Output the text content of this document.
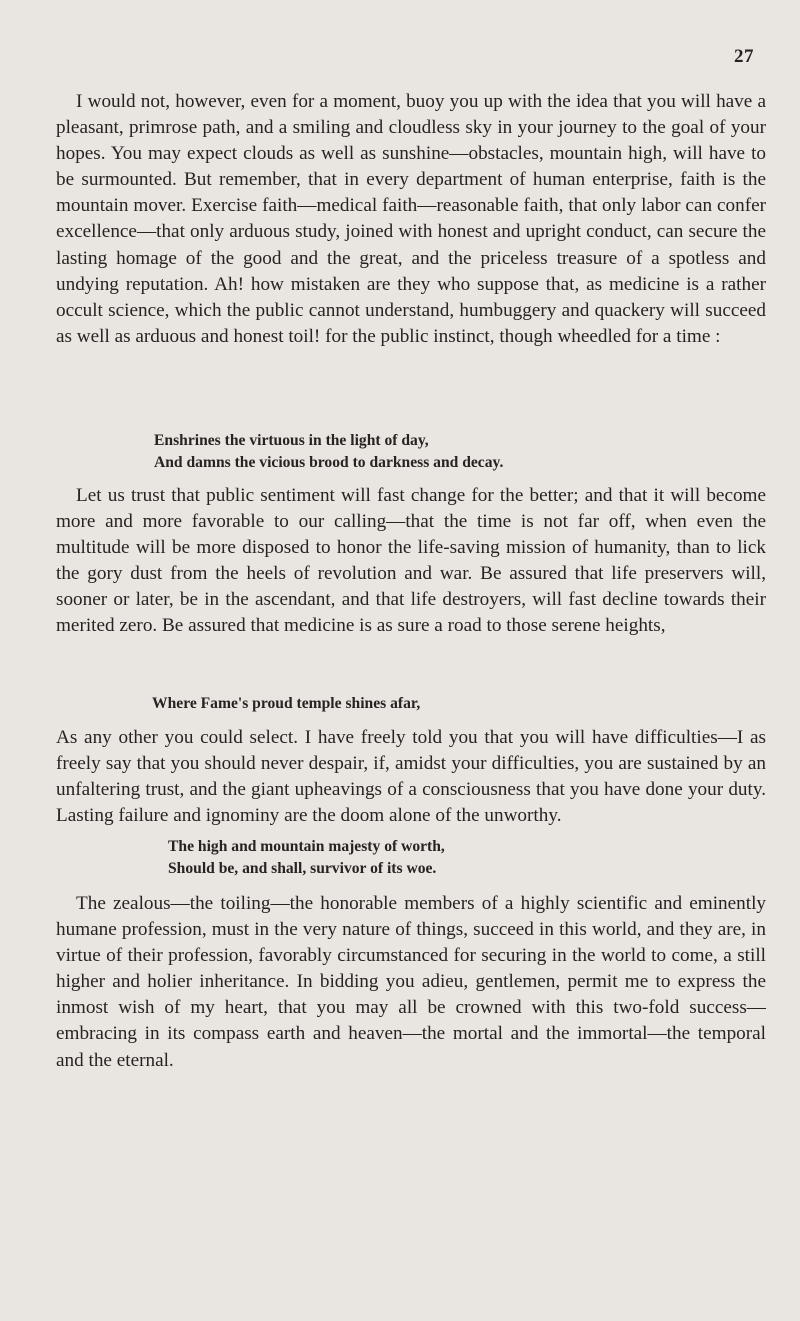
27

I would not, however, even for a moment, buoy you up with the idea that you will have a pleasant, primrose path, and a smiling and cloudless sky in your journey to the goal of your hopes. You may expect clouds as well as sunshine—obstacles, mountain high, will have to be surmounted. But remember, that in every department of human enterprise, faith is the mountain mover. Exercise faith—medical faith—reasonable faith, that only labor can confer excellence—that only arduous study, joined with honest and upright conduct, can secure the lasting homage of the good and the great, and the priceless treasure of a spotless and undying reputation. Ah! how mistaken are they who suppose that, as medicine is a rather occult science, which the public cannot understand, humbuggery and quackery will succeed as well as arduous and honest toil! for the public instinct, though wheedled for a time :

Enshrines the virtuous in the light of day,
And damns the vicious brood to darkness and decay.

Let us trust that public sentiment will fast change for the better; and that it will become more and more favorable to our calling—that the time is not far off, when even the multitude will be more disposed to honor the life-saving mission of humanity, than to lick the gory dust from the heels of revolution and war. Be assured that life preservers will, sooner or later, be in the ascendant, and that life destroyers, will fast decline towards their merited zero. Be assured that medicine is as sure a road to those serene heights,

Where Fame's proud temple shines afar,

As any other you could select. I have freely told you that you will have difficulties—I as freely say that you should never despair, if, amidst your difficulties, you are sustained by an unfaltering trust, and the giant upheavings of a consciousness that you have done your duty. Lasting failure and ignominy are the doom alone of the unworthy.

The high and mountain majesty of worth,
Should be, and shall, survivor of its woe.

The zealous—the toiling—the honorable members of a highly scientific and eminently humane profession, must in the very nature of things, succeed in this world, and they are, in virtue of their profession, favorably circumstanced for securing in the world to come, a still higher and holier inheritance. In bidding you adieu, gentlemen, permit me to express the inmost wish of my heart, that you may all be crowned with this two-fold success—embracing in its compass earth and heaven—the mortal and the immortal—the temporal and the eternal.
